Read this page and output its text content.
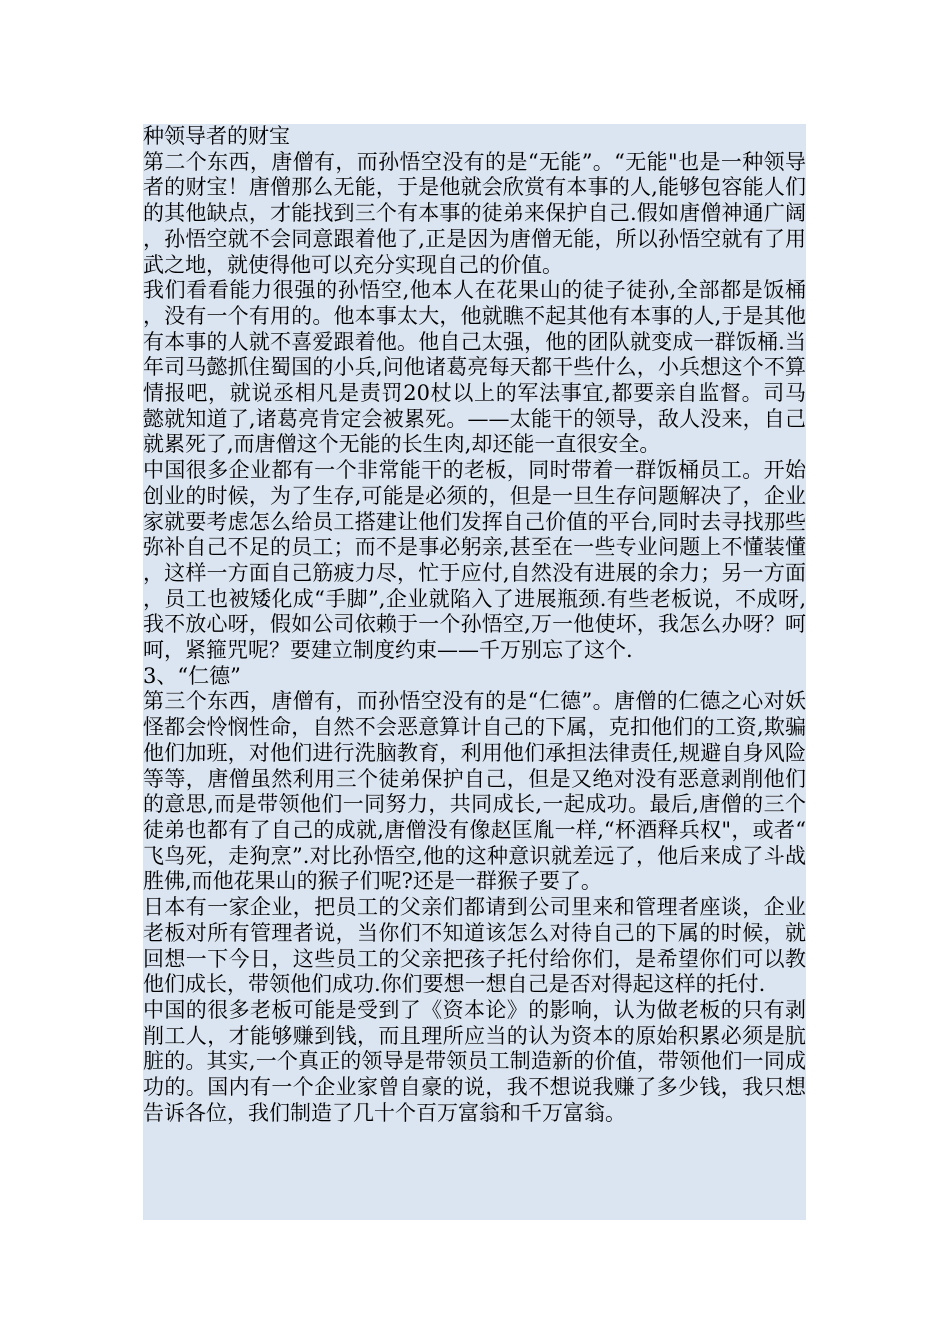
种领导者的财宝

第二个东西，唐僧有，而孙悟空没有的是“无能”。“无能"也是一种领导者的财宝！唐僧那么无能，于是他就会欣赏有本事的人,能够包容能人们的其他缺点，才能找到三个有本事的徒弟来保护自己.假如唐僧神通广阔，孙悟空就不会同意跟着他了,正是因为唐僧无能，所以孙悟空就有了用武之地，就使得他可以充分实现自己的价值。

我们看看能力很强的孙悟空,他本人在花果山的徒子徒孙,全部都是饭桶，没有一个有用的。他本事太大，他就瞧不起其他有本事的人,于是其他有本事的人就不喜爱跟着他。他自己太强，他的团队就变成一群饭桶.当年司马懿抓住蜀国的小兵,问他诸葛亮每天都干些什么，小兵想这个不算情报吧，就说丞相凡是责罚20杖以上的军法事宜,都要亲自监督。司马懿就知道了,诸葛亮肯定会被累死。——太能干的领导，敌人没来，自己就累死了,而唐僧这个无能的长生肉,却还能一直很安全。

中国很多企业都有一个非常能干的老板，同时带着一群饭桶员工。开始创业的时候，为了生存,可能是必须的，但是一旦生存问题解决了，企业家就要考虑怎么给员工搭建让他们发挥自己价值的平台,同时去寻找那些弥补自己不足的员工；而不是事必躬亲,甚至在一些专业问题上不懂装懂，这样一方面自己筋疲力尽，忙于应付,自然没有进展的余力；另一方面，员工也被矮化成“手脚”,企业就陷入了进展瓶颈.有些老板说，不成呀,我不放心呀，假如公司依赖于一个孙悟空,万一他使坏，我怎么办呀？呵呵，紧箍咒呢？要建立制度约束——千万别忘了这个.

3、“仁德”

第三个东西，唐僧有，而孙悟空没有的是“仁德”。唐僧的仁德之心对妖怪都会怜悯性命，自然不会恶意算计自己的下属，克扣他们的工资,欺骗他们加班，对他们进行洗脑教育，利用他们承担法律责任,规避自身风险等等，唐僧虽然利用三个徒弟保护自己，但是又绝对没有恶意剥削他们的意思,而是带领他们一同努力，共同成长,一起成功。最后,唐僧的三个徒弟也都有了自己的成就,唐僧没有像赵匡胤一样,“杯酒释兵权"，或者“飞鸟死，走狗烹”.对比孙悟空,他的这种意识就差远了，他后来成了斗战胜佛,而他花果山的猴子们呢?还是一群猴子要了。

日本有一家企业，把员工的父亲们都请到公司里来和管理者座谈，企业老板对所有管理者说，当你们不知道该怎么对待自己的下属的时候，就回想一下今日，这些员工的父亲把孩子托付给你们，是希望你们可以教他们成长，带领他们成功.你们要想一想自己是否对得起这样的托付.

中国的很多老板可能是受到了《资本论》的影响，认为做老板的只有剥削工人，才能够赚到钱，而且理所应当的认为资本的原始积累必须是肮脏的。其实,一个真正的领导是带领员工制造新的价值，带领他们一同成功的。国内有一个企业家曾自豪的说，我不想说我赚了多少钱，我只想告诉各位，我们制造了几十个百万富翁和千万富翁。
